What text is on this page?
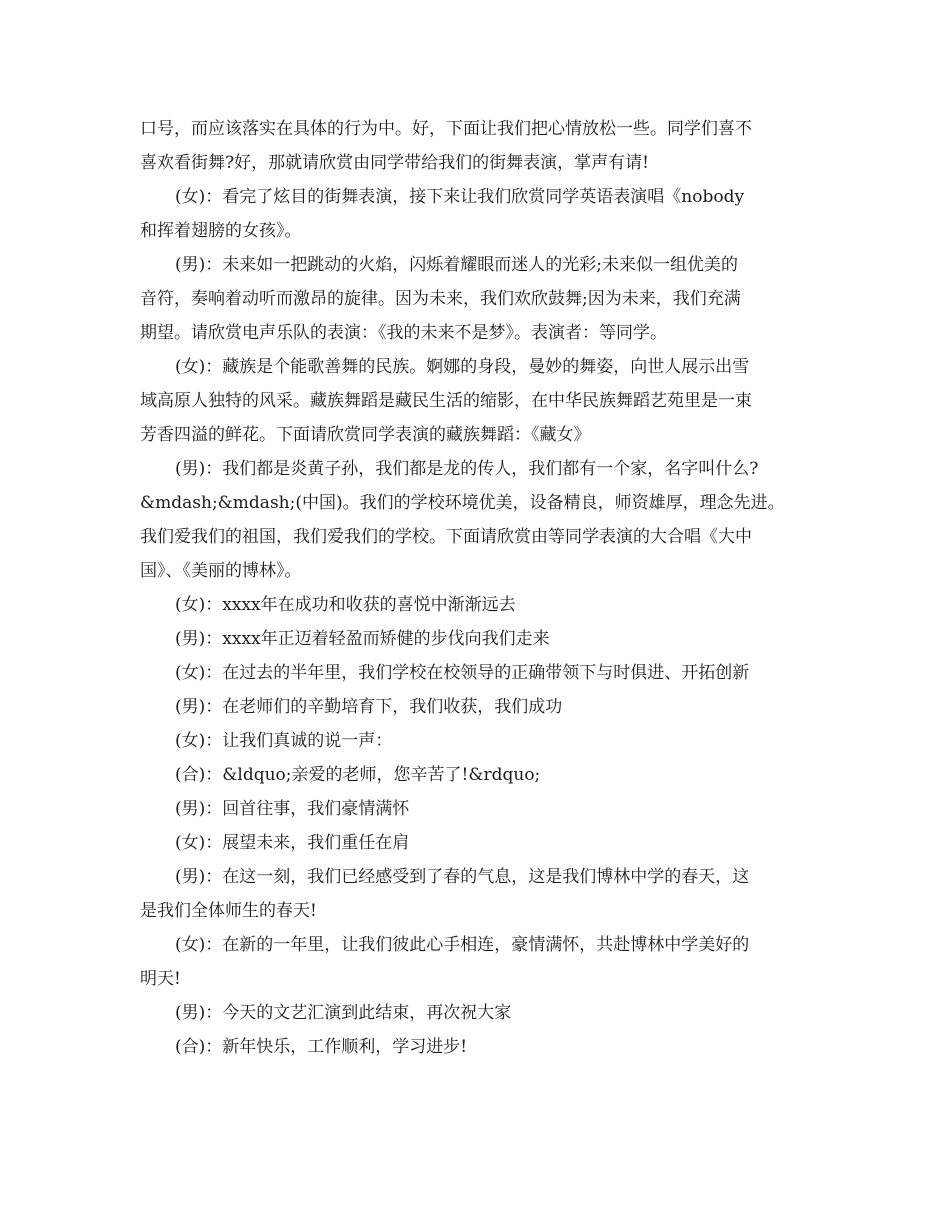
口号，而应该落实在具体的行为中。好，下面让我们把心情放松一些。同学们喜不
喜欢看街舞?好，那就请欣赏由同学带给我们的街舞表演，掌声有请!

(女)：看完了炫目的街舞表演，接下来让我们欣赏同学英语表演唱《nobody
和挥着翅膀的女孩》。

(男)：未来如一把跳动的火焰，闪烁着耀眼而迷人的光彩;未来似一组优美的
音符，奏响着动听而激昂的旋律。因为未来，我们欢欣鼓舞;因为未来，我们充满
期望。请欣赏电声乐队的表演：《我的未来不是梦》。表演者：等同学。

(女)：藏族是个能歌善舞的民族。婀娜的身段，曼妙的舞姿，向世人展示出雪
域高原人独特的风采。藏族舞蹈是藏民生活的缩影，在中华民族舞蹈艺苑里是一束
芳香四溢的鲜花。下面请欣赏同学表演的藏族舞蹈：《藏女》

(男)：我们都是炎黄子孙，我们都是龙的传人，我们都有一个家，名字叫什么?
&mdash;&mdash;(中国)。我们的学校环境优美，设备精良，师资雄厚，理念先进。
我们爱我们的祖国，我们爱我们的学校。下面请欣赏由等同学表演的大合唱《大中
国》、《美丽的博林》。

(女)：xxxx年在成功和收获的喜悦中渐渐远去

(男)：xxxx年正迈着轻盈而矫健的步伐向我们走来

(女)：在过去的半年里，我们学校在校领导的正确带领下与时俱进、开拓创新

(男)：在老师们的辛勤培育下，我们收获，我们成功

(女)：让我们真诚的说一声：

(合)：&ldquo;亲爱的老师，您辛苦了!&rdquo;

(男)：回首往事，我们豪情满怀

(女)：展望未来，我们重任在肩

(男)：在这一刻，我们已经感受到了春的气息，这是我们博林中学的春天，这
是我们全体师生的春天!

(女)：在新的一年里，让我们彼此心手相连，豪情满怀，共赴博林中学美好的
明天!

(男)：今天的文艺汇演到此结束，再次祝大家

(合)：新年快乐，工作顺利，学习进步!
